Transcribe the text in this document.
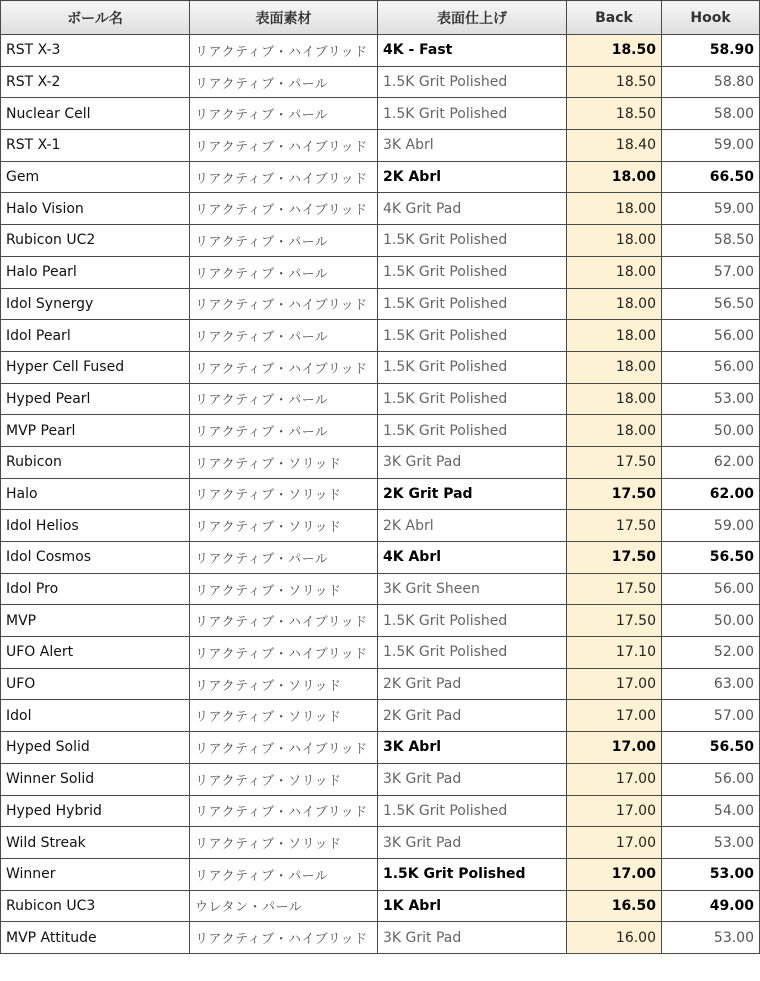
ボール名	表面素材	表面仕上げ	Back	Hook
RST X-3	リアクティブ・ハイブリッド	4K - Fast	18.50	58.90
RST X-2	リアクティブ・パール	1.5K Grit Polished	18.50	58.80
Nuclear Cell	リアクティブ・パール	1.5K Grit Polished	18.50	58.00
RST X-1	リアクティブ・ハイブリッド	3K Abrl	18.40	59.00
Gem	リアクティブ・ハイブリッド	2K Abrl	18.00	66.50
Halo Vision	リアクティブ・ハイブリッド	4K Grit Pad	18.00	59.00
Rubicon UC2	リアクティブ・パール	1.5K Grit Polished	18.00	58.50
Halo Pearl	リアクティブ・パール	1.5K Grit Polished	18.00	57.00
Idol Synergy	リアクティブ・ハイブリッド	1.5K Grit Polished	18.00	56.50
Idol Pearl	リアクティブ・パール	1.5K Grit Polished	18.00	56.00
Hyper Cell Fused	リアクティブ・ハイブリッド	1.5K Grit Polished	18.00	56.00
Hyped Pearl	リアクティブ・パール	1.5K Grit Polished	18.00	53.00
MVP Pearl	リアクティブ・パール	1.5K Grit Polished	18.00	50.00
Rubicon	リアクティブ・ソリッド	3K Grit Pad	17.50	62.00
Halo	リアクティブ・ソリッド	2K Grit Pad	17.50	62.00
Idol Helios	リアクティブ・ソリッド	2K Abrl	17.50	59.00
Idol Cosmos	リアクティブ・パール	4K Abrl	17.50	56.50
Idol Pro	リアクティブ・ソリッド	3K Grit Sheen	17.50	56.00
MVP	リアクティブ・ハイブリッド	1.5K Grit Polished	17.50	50.00
UFO Alert	リアクティブ・ハイブリッド	1.5K Grit Polished	17.10	52.00
UFO	リアクティブ・ソリッド	2K Grit Pad	17.00	63.00
Idol	リアクティブ・ソリッド	2K Grit Pad	17.00	57.00
Hyped Solid	リアクティブ・ハイブリッド	3K Abrl	17.00	56.50
Winner Solid	リアクティブ・ソリッド	3K Grit Pad	17.00	56.00
Hyped Hybrid	リアクティブ・ハイブリッド	1.5K Grit Polished	17.00	54.00
Wild Streak	リアクティブ・ソリッド	3K Grit Pad	17.00	53.00
Winner	リアクティブ・パール	1.5K Grit Polished	17.00	53.00
Rubicon UC3	ウレタン・パール	1K Abrl	16.50	49.00
MVP Attitude	リアクティブ・ハイブリッド	3K Grit Pad	16.00	53.00
